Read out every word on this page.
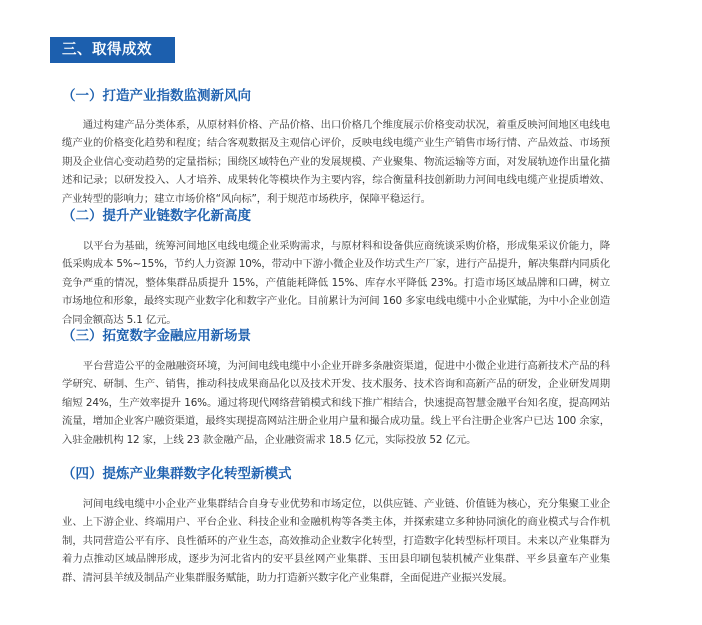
三、取得成效
（一）打造产业指数监测新风向
通过构建产品分类体系，从原材料价格、产品价格、出口价格几个维度展示价格变动状况，着重反映河间地区电线电缆产业的价格变化趋势和程度；结合客观数据及主观信心评价，反映电线电缆产业生产销售市场行情、产品效益、市场预期及企业信心变动趋势的定量指标；围绕区域特色产业的发展规模、产业聚集、物流运输等方面，对发展轨迹作出量化描述和记录；以研发投入、人才培养、成果转化等模块作为主要内容，综合衡量科技创新助力河间电线电缆产业提质增效、产业转型的影响力；建立市场价格“风向标”，利于规范市场秩序，保障平稳运行。
（二）提升产业链数字化新高度
以平台为基础，统筹河间地区电线电缆企业采购需求，与原材料和设备供应商统谈采购价格，形成集采议价能力，降低采购成本 5%~15%，节约人力资源 10%，带动中下游小微企业及作坊式生产厂家，进行产品提升，解决集群内同质化竞争严重的情况，整体集群品质提升 15%，产值能耗降低 15%、库存水平降低 23%。打造市场区域品牌和口碑，树立市场地位和形象，最终实现产业数字化和数字产业化。目前累计为河间 160 多家电线电缆中小企业赋能，为中小企业创造合同金额高达 5.1 亿元。
（三）拓宽数字金融应用新场景
平台营造公平的金融融资环境，为河间电线电缆中小企业开辟多条融资渠道，促进中小微企业进行高新技术产品的科学研究、研制、生产、销售，推动科技成果商品化以及技术开发、技术服务、技术咨询和高新产品的研发，企业研发周期缩短 24%，生产效率提升 16%。通过将现代网络营销模式和线下推广相结合，快速提高智慧金融平台知名度，提高网站流量，增加企业客户融资渠道，最终实现提高网站注册企业用户量和撮合成功量。线上平台注册企业客户已达 100 余家，入驻金融机构 12 家，上线 23 款金融产品，企业融资需求 18.5 亿元，实际投放 52 亿元。
（四）提炼产业集群数字化转型新模式
河间电线电缆中小企业产业集群结合自身专业优势和市场定位，以供应链、产业链、价值链为核心，充分集聚工业企业、上下游企业、终端用户、平台企业、科技企业和金融机构等各类主体，并探索建立多种协同演化的商业模式与合作机制，共同营造公平有序、良性循环的产业生态，高效推动企业数字化转型，打造数字化转型标杆项目。未来以产业集群为着力点推动区域品牌形成，逐步为河北省内的安平县丝网产业集群、玉田县印刷包装机械产业集群、平乡县童车产业集群、清河县羊绒及制品产业集群服务赋能，助力打造新兴数字化产业集群，全面促进产业振兴发展。
